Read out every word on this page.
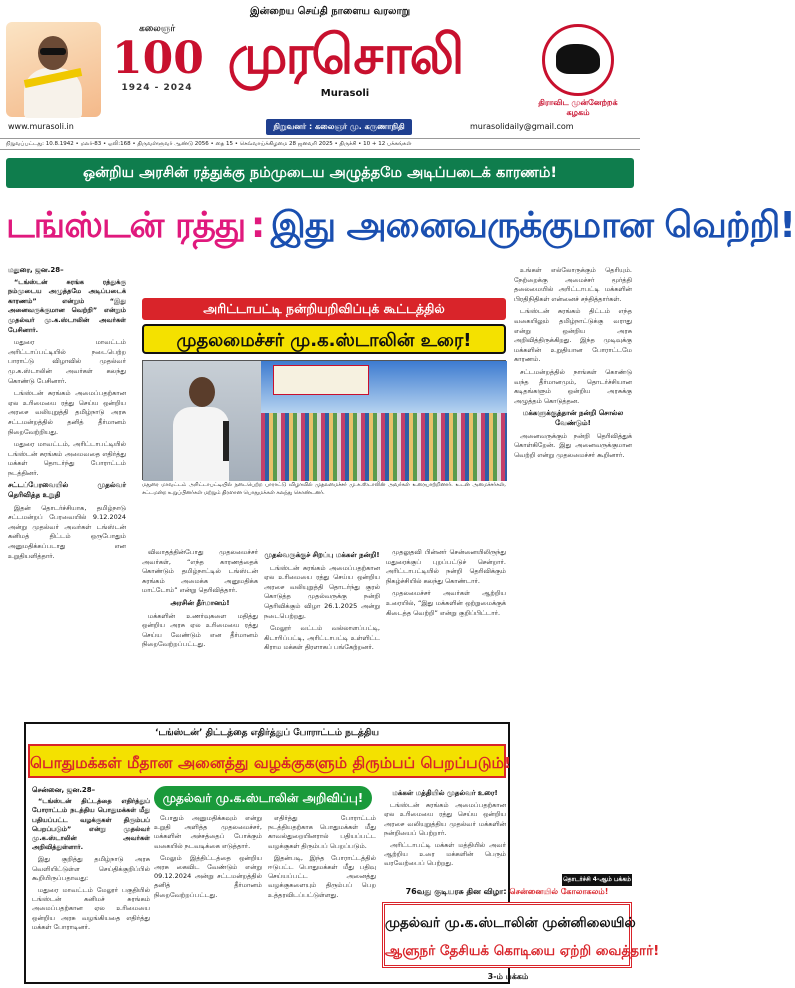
இன்றைய செய்தி நாளைய வரலாறு
கலைஞர்
100
1924 - 2024
முரசொலி
Murasoli
திராவிட முன்னேற்றக் கழகம்
www.murasoli.in	நிறுவனர் : கலைஞர் மு. கருணாநிதி	murasolidaily@gmail.com
நிறுவப்பட்டது: 10.8.1942 • மலர்-83 • ஒலி:168 • திருவள்ளுவர் ஆண்டு 2056 • தை 15 • செவ்வாய்க்கிழமை 28 ஜனவரி 2025 • திருச்சி • 10 + 12 பக்கங்கள்
ஒன்றிய அரசின் ரத்துக்கு நம்முடைய அழுத்தமே அடிப்படைக் காரணம்!
டங்ஸ்டன் ரத்து : இது அனைவருக்குமான வெற்றி!
மதுரை, ஜன.28–

“டங்ஸ்டன் சுரங்க ரத்துக்கு நம்முடைய அழுத்தமே அடிப்படைக் காரணம்” என்றும் “இது அனைவருக்குமான வெற்றி” என்றும் முதல்வர் மு.க.ஸ்டாலின் அவர்கள் பேசினார்.

மதுரை மாவட்டம் அரிட்டாப்பட்டியில் நடைபெற்ற பாராட்டு விழாவில் முதல்வர் மு.க.ஸ்டாலின் அவர்கள் கலந்து கொண்டு பேசினார்.

டங்ஸ்டன் சுரங்கம் அமைப்பதற்கான ஏல உரிமையை ரத்து செய்ய ஒன்றிய அரசை வலியுறுத்தி தமிழ்நாடு அரசு சட்டமன்றத்தில் தனித் தீர்மானம் நிறைவேற்றியது.

மதுரை மாவட்டம், அரிட்டாபட்டியில் டங்ஸ்டன் சுரங்கம் அமைவதை எதிர்த்து மக்கள் தொடர்ந்து போராட்டம் நடத்தினர்.

சட்டப்பேரவையில் முதல்வர் தெரிவித்த உறுதி

இதன் தொடர்ச்சியாக, தமிழ்நாடு சட்டமன்றப் பேரவையில் 9.12.2024 அன்று முதல்வர் அவர்கள் டங்ஸ்டன் கனிமத் திட்டம் ஒருபோதும் அனுமதிக்கப்படாது என உறுதியளித்தார்.

அரிட்டாபட்டி நன்றியறிவிப்புக் கூட்டத்தில்
முதலமைச்சர் மு.க.ஸ்டாலின் உரை!
மதுரை மாவட்டம் அரிட்டாபட்டியில் நடைபெற்ற பாராட்டு விழாவில் முதலமைச்சர் மு.க.ஸ்டாலின் அவர்கள் உரையாற்றினார். உடன் அமைச்சர்கள், சட்டமன்ற உறுப்பினர்கள் மற்றும் திரளான பொதுமக்கள் கலந்து கொண்டனர்.

விவாதத்தின்போது முதலமைச்சர் அவர்கள், “எந்த காரணத்தைக் கொண்டும் தமிழ்நாட்டில் டங்ஸ்டன் சுரங்கம் அமைக்க அனுமதிக்க மாட்டோம்” என்று தெரிவித்தார்.

அரசின் தீர்மானம்!

மக்களின் உணர்வுகளை மதித்து ஒன்றிய அரசு ஏல உரிமையை ரத்து செய்ய வேண்டும் என தீர்மானம் நிறைவேற்றப்பட்டது.

முதல்வருக்குச் சிறப்பு மக்கள் நன்றி!

டங்ஸ்டன் சுரங்கம் அமைப்பதற்கான ஏல உரிமையை ரத்து செய்ய ஒன்றிய அரசை வலியுறுத்தி தொடர்ந்து குரல் கொடுத்த முதல்வருக்கு நன்றி தெரிவிக்கும் விழா 26.1.2025 அன்று நடைபெற்றது.

மேலூர் வட்டம் வல்லாளப்பட்டி, கிடாரிப்பட்டி, அரிட்டாபட்டி உள்ளிட்ட கிராம மக்கள் திரளாகப் பங்கேற்றனர்.

முதலுதவி பின்னர் சென்னையிலிருந்து மதுரைக்குப் புறப்பட்டுச் சென்றார். அரிட்டாபட்டியில் நன்றி தெரிவிக்கும் நிகழ்ச்சியில் கலந்து கொண்டார்.

முதலமைச்சர் அவர்கள் ஆற்றிய உரையில், “இது மக்களின் ஒற்றுமைக்குக் கிடைத்த வெற்றி” என்று குறிப்பிட்டார்.

உங்கள் எல்லோருக்கும் தெரியும். நேற்றைக்கு அமைச்சர் மூர்த்தி தலைமையில் அரிட்டாபட்டி மக்களின் பிரதிநிதிகள் என்னைச் சந்தித்தார்கள்.

டங்ஸ்டன் சுரங்கம் திட்டம் எந்த வகையிலும் தமிழ்நாட்டுக்கு வராது என்று ஒன்றிய அரசு அறிவித்திருக்கிறது. இந்த முடிவுக்கு மக்களின் உறுதியான போராட்டமே காரணம்.

சட்டமன்றத்தில் நாங்கள் கொண்டு வந்த தீர்மானமும், தொடர்ச்சியான கடிதங்களும் ஒன்றிய அரசுக்கு அழுத்தம் கொடுத்தன.

மக்களுக்குத்தான் நன்றி சொல்ல வேண்டும்!

அனைவருக்கும் நன்றி தெரிவித்துக் கொள்கிறேன். இது அனைவருக்குமான வெற்றி என்று முதலமைச்சர் கூறினார்.

தொடர்ச்சி 4-ஆம் பக்கம்
‘டங்ஸ்டன்’ திட்டத்தை எதிர்த்துப் போராட்டம் நடத்திய
பொதுமக்கள் மீதான அனைத்து வழக்குகளும் திரும்பப் பெறப்படும்!
சென்னை, ஜன.28–

“டங்ஸ்டன் திட்டத்தை எதிர்த்துப் போராட்டம் நடத்திய பொதுமக்கள் மீது பதியப்பட்ட வழக்குகள் திரும்பப் பெறப்படும்” என்று முதல்வர் மு.க.ஸ்டாலின் அவர்கள் அறிவித்துள்ளார்.

இது குறித்து தமிழ்நாடு அரசு வெளியிட்டுள்ள செய்திக்குறிப்பில் கூறியிருப்பதாவது:

மதுரை மாவட்டம் மேலூர் பகுதியில் டங்ஸ்டன் கனிமச் சுரங்கம் அமைப்பதற்கான ஏல உரிமையை ஒன்றிய அரசு வழங்கியதை எதிர்த்து மக்கள் போராடினர்.

முதல்வர் மு.க.ஸ்டாலின் அறிவிப்பு!

போதும் அனுமதிக்கவும் என்று உறுதி அளித்த முதலமைச்சர், மக்களின் அச்சத்தைப் போக்கும் வகையில் நடவடிக்கை எடுத்தார்.

மேலும் இத்திட்டத்தை ஒன்றிய அரசு கைவிட வேண்டும் என்று 09.12.2024 அன்று சட்டமன்றத்தில் தனித் தீர்மானம் நிறைவேற்றப்பட்டது.

எதிர்த்து போராட்டம் நடத்தியதற்காக பொதுமக்கள் மீது காவல்துறையினரால் பதியப்பட்ட வழக்குகள் திரும்பப் பெறப்படும்.

இதன்படி, இந்த போராட்டத்தில் ஈடுபட்ட பொதுமக்கள் மீது பதிவு செய்யப்பட்ட அனைத்து வழக்குகளையும் திரும்பப் பெற உத்தரவிடப்பட்டுள்ளது.

மக்கள் மத்தியில் முதல்வர் உரை!

டங்ஸ்டன் சுரங்கம் அமைப்பதற்கான ஏல உரிமையை ரத்து செய்ய ஒன்றிய அரசை வலியுறுத்திய முதல்வர் மக்களின் நன்றியைப் பெற்றார்.

அரிட்டாபட்டி மக்கள் மத்தியில் அவர் ஆற்றிய உரை மக்களின் பெரும் வரவேற்பைப் பெற்றது.

76வது குடியரசு தின விழா: சென்னையில் கோலாகலம்!
முதல்வர் மு.க.ஸ்டாலின் முன்னிலையில்
ஆளுநர் தேசியக் கொடியை ஏற்றி வைத்தார்!
3-ம் பக்கம்
